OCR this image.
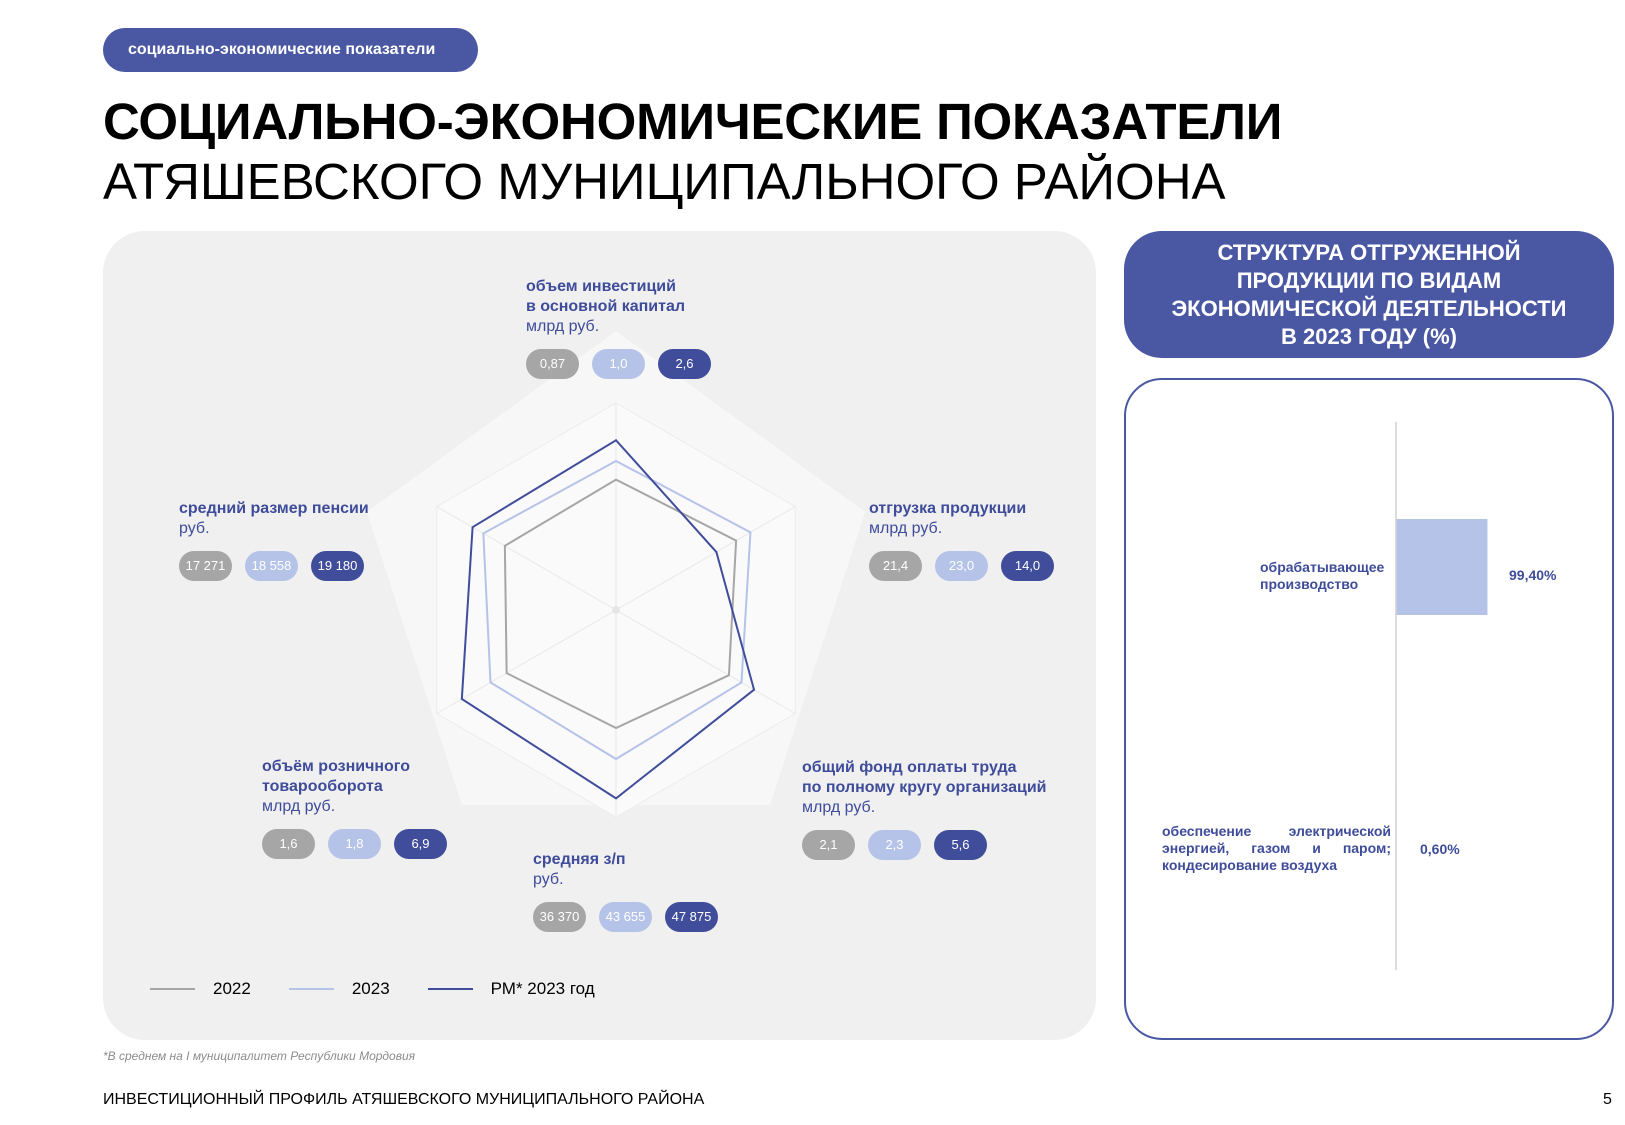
социально-экономические показатели
СОЦИАЛЬНО-ЭКОНОМИЧЕСКИЕ ПОКАЗАТЕЛИ
АТЯШЕВСКОГО МУНИЦИПАЛЬНОГО РАЙОНА
объем инвестиций
в основной капитал
млрд руб.
0,87	1,0	2,6
отгрузка продукции
млрд руб.
21,4	23,0	14,0
общий фонд оплаты труда
по полному кругу организаций
млрд руб.
2,1	2,3	5,6
средняя з/п
руб.
36 370	43 655	47 875
объём розничного
товарооборота
млрд руб.
1,6	1,8	6,9
средний размер пенсии
руб.
17 271	18 558	19 180
2022	2023	РМ* 2023 год
*В среднем на I муниципалитет Республики Мордовия
СТРУКТУРА ОТГРУЖЕННОЙ
ПРОДУКЦИИ ПО ВИДАМ
ЭКОНОМИЧЕСКОЙ ДЕЯТЕЛЬНОСТИ
В 2023 ГОДУ (%)
обрабатывающее производство
99,40%
обеспечение электрической энергией, газом и паром; кондесирование воздуха
0,60%
ИНВЕСТИЦИОННЫЙ ПРОФИЛЬ АТЯШЕВСКОГО МУНИЦИПАЛЬНОГО РАЙОНА	5
